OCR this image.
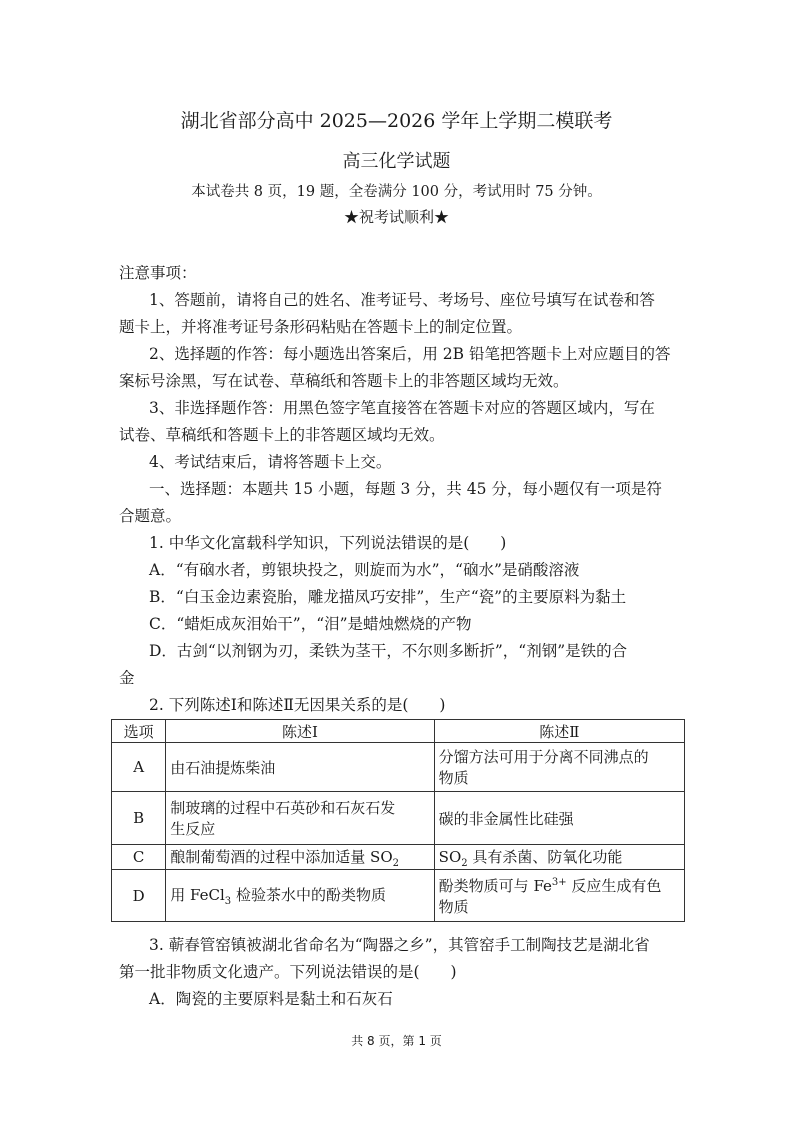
湖北省部分高中 2025—2026 学年上学期二模联考
高三化学试题
本试卷共 8 页，19 题，全卷满分 100 分，考试用时 75 分钟。
★祝考试顺利★
注意事项：
1、答题前，请将自己的姓名、准考证号、考场号、座位号填写在试卷和答
题卡上，并将准考证号条形码粘贴在答题卡上的制定位置。
2、选择题的作答：每小题选出答案后，用 2B 铅笔把答题卡上对应题目的答
案标号涂黑，写在试卷、草稿纸和答题卡上的非答题区域均无效。
3、非选择题作答：用黑色签字笔直接答在答题卡对应的答题区域内，写在
试卷、草稿纸和答题卡上的非答题区域均无效。
4、考试结束后，请将答题卡上交。
一、选择题：本题共 15 小题，每题 3 分，共 45 分，每小题仅有一项是符
合题意。
1. 中华文化富载科学知识，下列说法错误的是(　　)
A．“有硇水者，剪银块投之，则旋而为水”，“硇水”是硝酸溶液
B．“白玉金边素瓷胎，雕龙描凤巧安排”，生产“瓷”的主要原料为黏土
C．“蜡炬成灰泪始干”，“泪”是蜡烛燃烧的产物
D．古剑“以剂钢为刃，柔铁为茎干，不尔则多断折”，“剂钢”是铁的合
金
2. 下列陈述Ⅰ和陈述Ⅱ无因果关系的是(　　)
选项	陈述Ⅰ	陈述Ⅱ
A	由石油提炼柴油	分馏方法可用于分离不同沸点的
物质
B	制玻璃的过程中石英砂和石灰石发
生反应	碳的非金属性比硅强
C	酿制葡萄酒的过程中添加适量 $SO_2$	$SO_2$ 具有杀菌、防氧化功能
D	用 FeCl$_3$ 检验茶水中的酚类物质	酚类物质可与 $Fe^{3+}$ 反应生成有色
物质
3. 蕲春管窑镇被湖北省命名为“陶器之乡”，其管窑手工制陶技艺是湖北省
第一批非物质文化遗产。下列说法错误的是(　　)
A．陶瓷的主要原料是黏土和石灰石
共 8 页，第 1 页
